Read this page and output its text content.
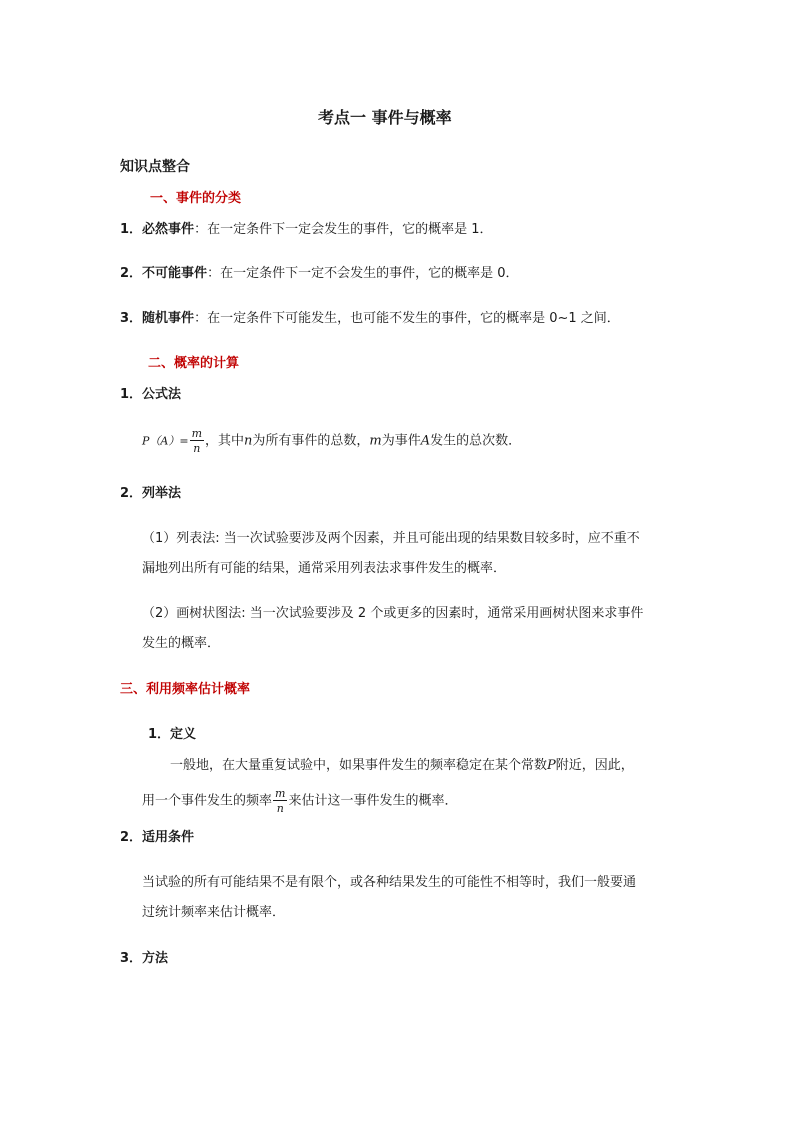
考点一 事件与概率
知识点整合
一、事件的分类
1．必然事件：在一定条件下一定会发生的事件，它的概率是 1．
2．不可能事件：在一定条件下一定不会发生的事件，它的概率是 0．
3．随机事件：在一定条件下可能发生，也可能不发生的事件，它的概率是 0~1 之间．
二、概率的计算
1．公式法
$P(A)= \frac{m}{n}$ ，其中n为所有事件的总数，m为事件A发生的总次数．
2．列举法
（1）列表法: 当一次试验要涉及两个因素，并且可能出现的结果数目较多时，应不重不
漏地列出所有可能的结果，通常采用列表法求事件发生的概率．
（2）画树状图法: 当一次试验要涉及 2 个或更多的因素时，通常采用画树状图来求事件
发生的概率．
三、利用频率估计概率
1．定义
一般地，在大量重复试验中，如果事件发生的频率稳定在某个常数P附近，因此，
用一个事件发生的频率 $\frac{m}{n}$ 来估计这一事件发生的概率．
2．适用条件
当试验的所有可能结果不是有限个，或各种结果发生的可能性不相等时，我们一般要通
过统计频率来估计概率．
3．方法
